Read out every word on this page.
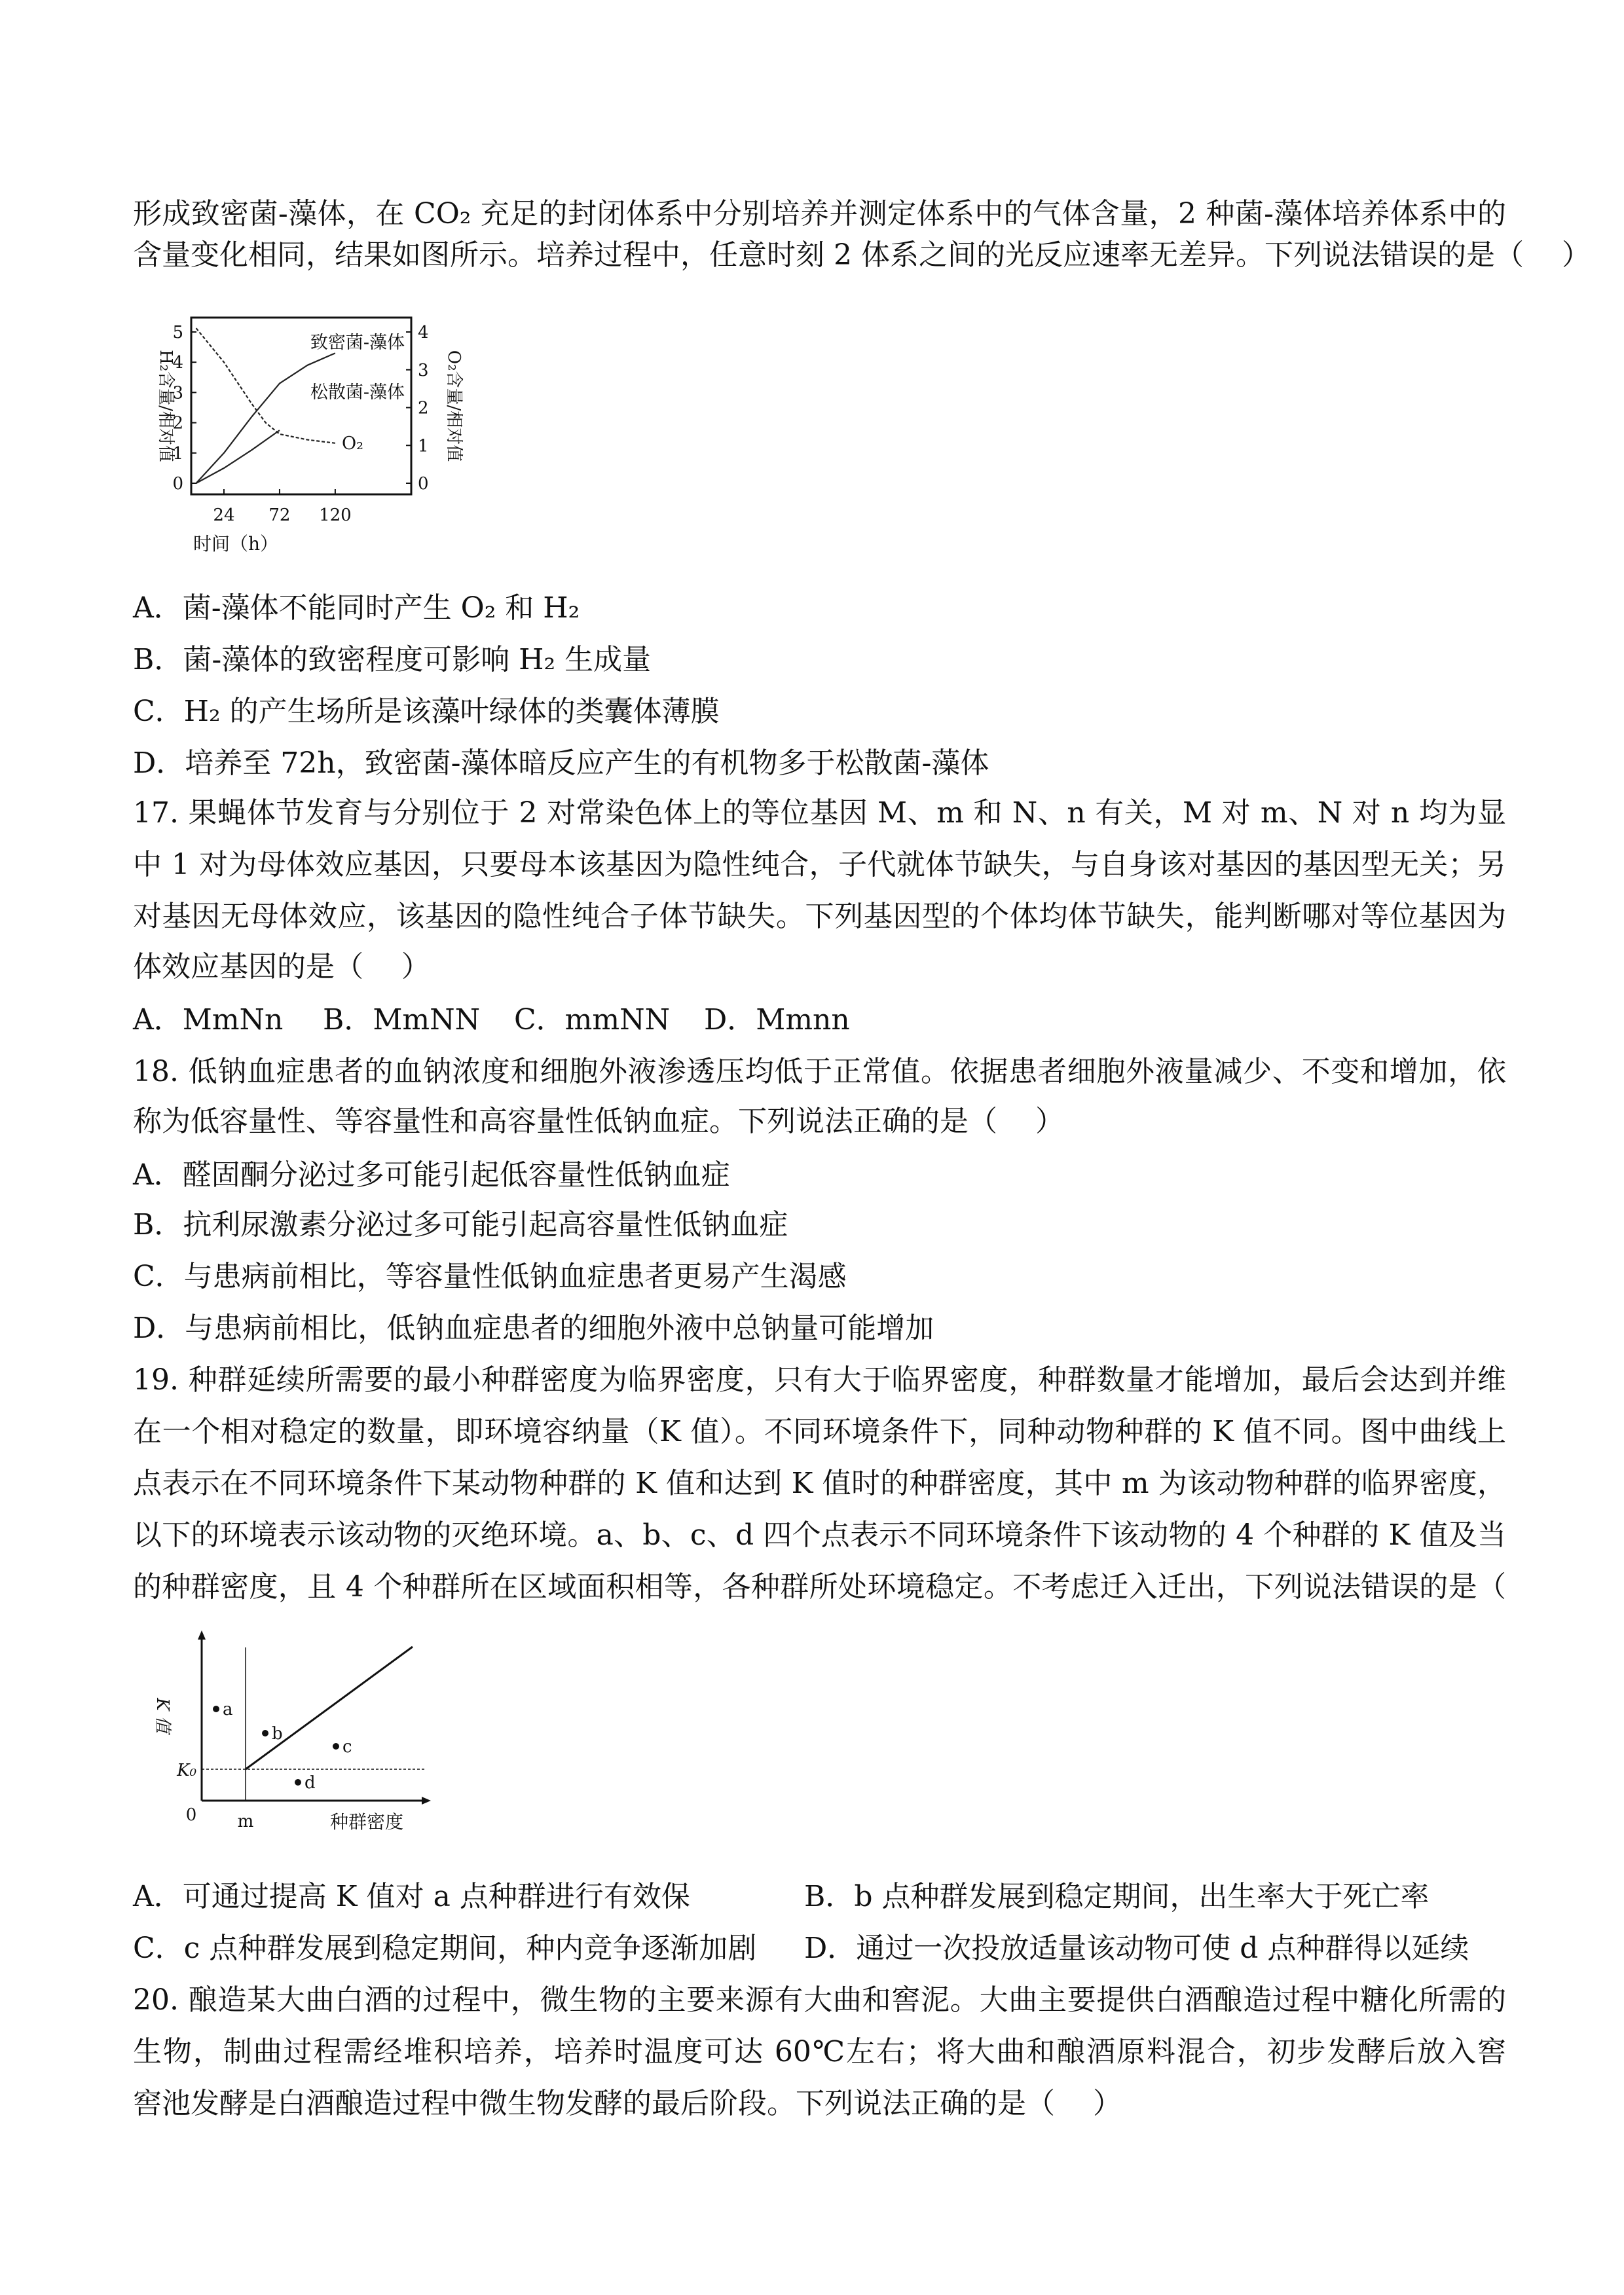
形成致密菌-藻体，在 CO₂ 充足的封闭体系中分别培养并测定体系中的气体含量，2 种菌-藻体培养体系中的
含量变化相同，结果如图所示。培养过程中，任意时刻 2 体系之间的光反应速率无差异。下列说法错误的是（　 ）
0
1
2
3
4
5
0
1
2
3
4
24 72 120
时间（h）
H₂含量/相对值	O₂含量/相对值
致密菌-藻体
松散菌-藻体
O₂
A．菌-藻体不能同时产生 O₂ 和 H₂
B．菌-藻体的致密程度可影响 H₂ 生成量
C．H₂ 的产生场所是该藻叶绿体的类囊体薄膜
D．培养至 72h，致密菌-藻体暗反应产生的有机物多于松散菌-藻体
17. 果蝇体节发育与分别位于 2 对常染色体上的等位基因 M、m 和 N、n 有关，M 对 m、N 对 n 均为显
中 1 对为母体效应基因，只要母本该基因为隐性纯合，子代就体节缺失，与自身该对基因的基因型无关；另
对基因无母体效应，该基因的隐性纯合子体节缺失。下列基因型的个体均体节缺失，能判断哪对等位基因为
体效应基因的是（　 ）
A．MmNn B．MmNN C．mmNN D．Mmnn
18. 低钠血症患者的血钠浓度和细胞外液渗透压均低于正常值。依据患者细胞外液量减少、不变和增加，依
称为低容量性、等容量性和高容量性低钠血症。下列说法正确的是（　 ）
A．醛固酮分泌过多可能引起低容量性低钠血症
B．抗利尿激素分泌过多可能引起高容量性低钠血症
C．与患病前相比，等容量性低钠血症患者更易产生渴感
D．与患病前相比，低钠血症患者的细胞外液中总钠量可能增加
19. 种群延续所需要的最小种群密度为临界密度，只有大于临界密度，种群数量才能增加，最后会达到并维
在一个相对稳定的数量，即环境容纳量（K 值）。不同环境条件下，同种动物种群的 K 值不同。图中曲线上
点表示在不同环境条件下某动物种群的 K 值和达到 K 值时的种群密度，其中 m 为该动物种群的临界密度，
以下的环境表示该动物的灭绝环境。a、b、c、d 四个点表示不同环境条件下该动物的 4 个种群的 K 值及当
的种群密度，且 4 个种群所在区域面积相等，各种群所处环境稳定。不考虑迁入迁出，下列说法错误的是（　
0 m
K₀
种群密度
K 值	a
b
c
d
A．可通过提高 K 值对 a 点种群进行有效保	B．b 点种群发展到稳定期间，出生率大于死亡率
C．c 点种群发展到稳定期间，种内竞争逐渐加剧 D．通过一次投放适量该动物可使 d 点种群得以延续
20. 酿造某大曲白酒的过程中，微生物的主要来源有大曲和窖泥。大曲主要提供白酒酿造过程中糖化所需的
生物，制曲过程需经堆积培养，培养时温度可达 60℃左右；将大曲和酿酒原料混合，初步发酵后放入窖
窖池发酵是白酒酿造过程中微生物发酵的最后阶段。下列说法正确的是（　 ）
